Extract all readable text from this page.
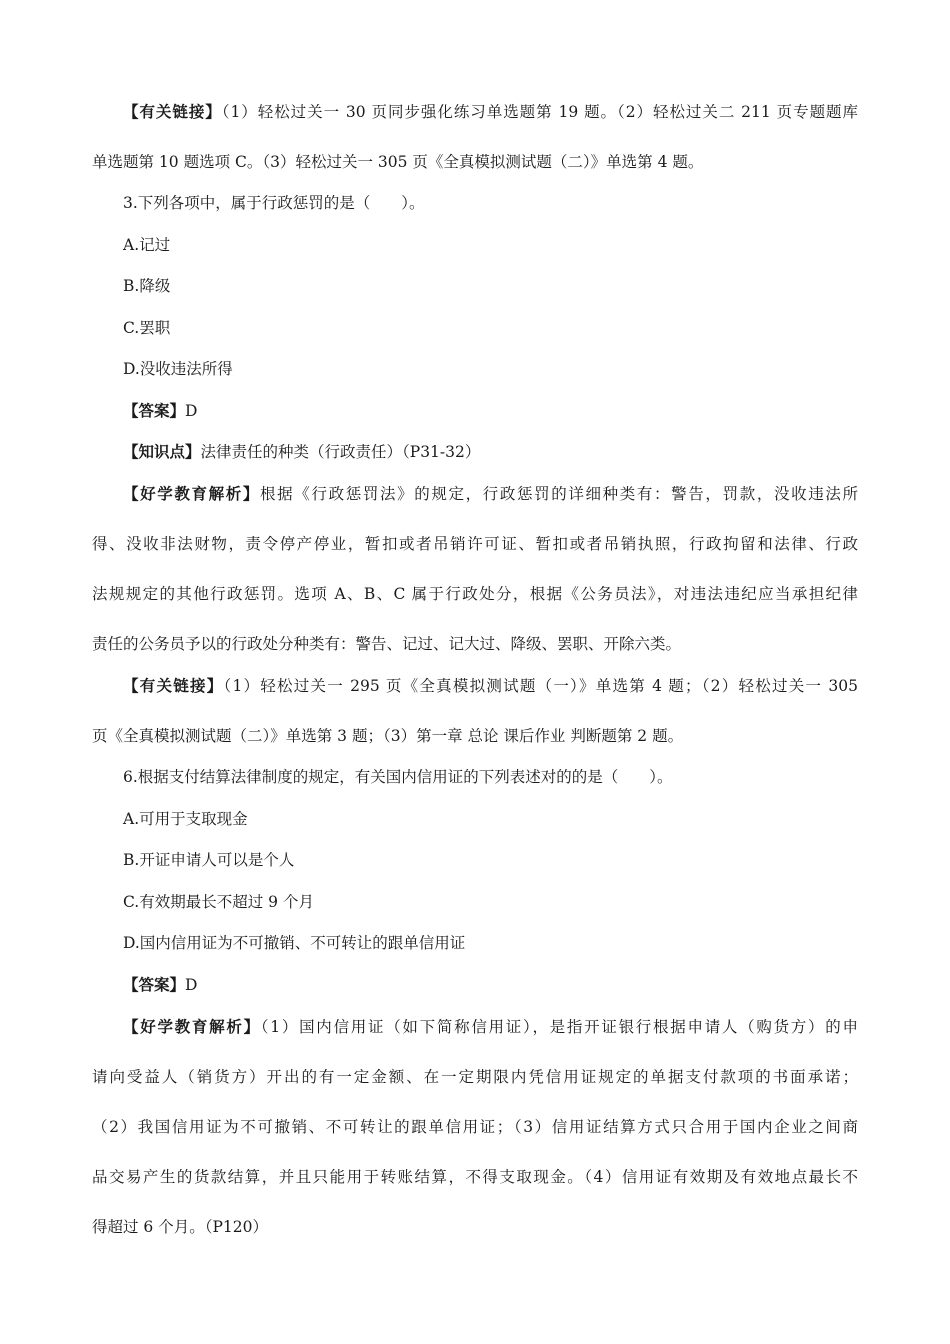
【有关链接】（1）轻松过关一 30 页同步强化练习单选题第 19 题。（2）轻松过关二 211 页专题题库
单选题第 10 题选项 C。（3）轻松过关一 305 页《全真模拟测试题（二）》单选第 4 题。
3.下列各项中，属于行政惩罚的是（　　）。
A.记过
B.降级
C.罢职
D.没收违法所得
【答案】D
【知识点】法律责任的种类（行政责任）（P31-32）
【好学教育解析】根据《行政惩罚法》的规定，行政惩罚的详细种类有：警告，罚款，没收违法所
得、没收非法财物，责令停产停业，暂扣或者吊销许可证、暂扣或者吊销执照，行政拘留和法律、行政
法规规定的其他行政惩罚。选项 A、B、C 属于行政处分，根据《公务员法》，对违法违纪应当承担纪律
责任的公务员予以的行政处分种类有：警告、记过、记大过、降级、罢职、开除六类。
【有关链接】（1）轻松过关一 295 页《全真模拟测试题（一）》单选第 4 题；（2）轻松过关一 305
页《全真模拟测试题（二）》单选第 3 题；（3）第一章 总论 课后作业 判断题第 2 题。
6.根据支付结算法律制度的规定，有关国内信用证的下列表述对的的是（　　）。
A.可用于支取现金
B.开证申请人可以是个人
C.有效期最长不超过 9 个月
D.国内信用证为不可撤销、不可转让的跟单信用证
【答案】D
【好学教育解析】（1）国内信用证（如下简称信用证），是指开证银行根据申请人（购货方）的申
请向受益人（销货方）开出的有一定金额、在一定期限内凭信用证规定的单据支付款项的书面承诺；
（2）我国信用证为不可撤销、不可转让的跟单信用证；（3）信用证结算方式只合用于国内企业之间商
品交易产生的货款结算，并且只能用于转账结算，不得支取现金。（4）信用证有效期及有效地点最长不
得超过 6 个月。（P120）
